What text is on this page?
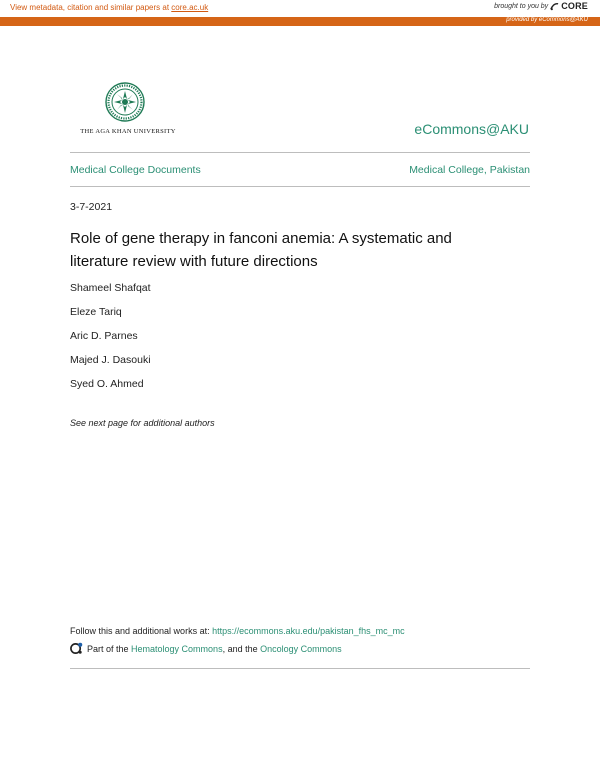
View metadata, citation and similar papers at core.ac.uk	brought to you by CORE
provided by eCommons@AKU
THE AGA KHAN UNIVERSITY	eCommons@AKU
Medical College Documents	Medical College, Pakistan
3-7-2021
Role of gene therapy in fanconi anemia: A systematic and literature review with future directions
Shameel Shafqat
Eleze Tariq
Aric D. Parnes
Majed J. Dasouki
Syed O. Ahmed
See next page for additional authors
Follow this and additional works at: https://ecommons.aku.edu/pakistan_fhs_mc_mc
Part of the Hematology Commons, and the Oncology Commons
